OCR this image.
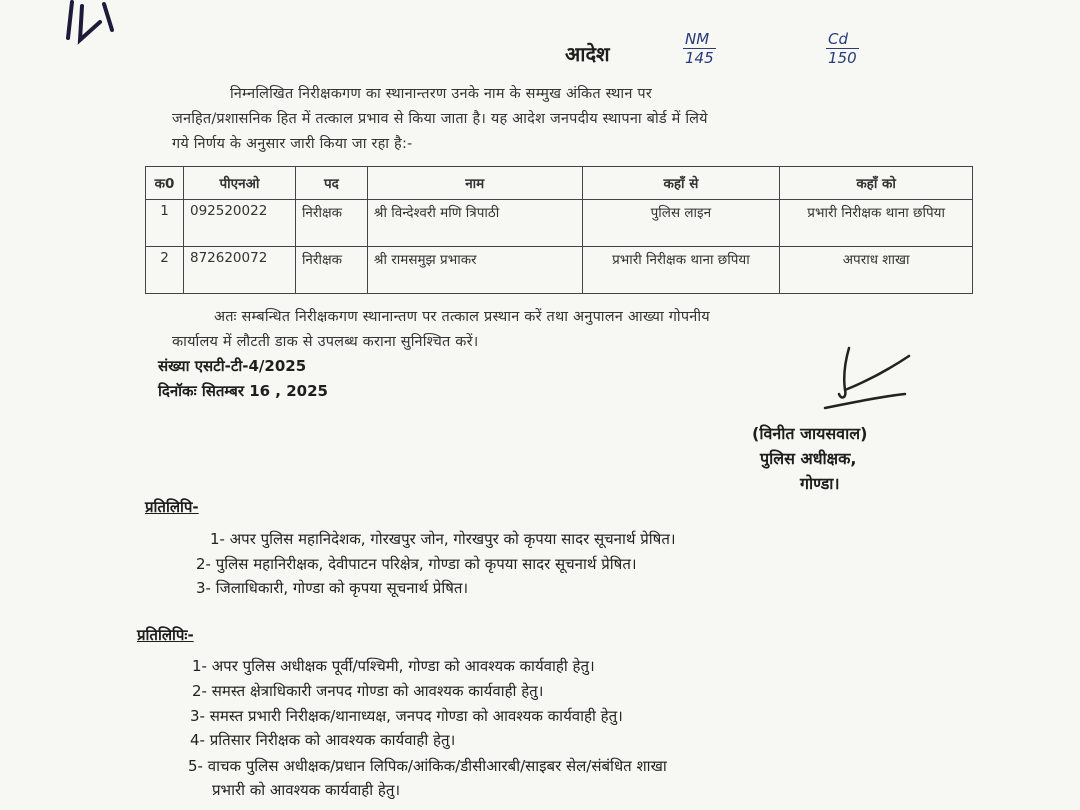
आदेश
NM
145
Cd
150
निम्नलिखित निरीक्षकगण का स्थानान्तरण उनके नाम के सम्मुख अंकित स्थान पर
जनहित/प्रशासनिक हित में तत्काल प्रभाव से किया जाता है। यह आदेश जनपदीय स्थापना बोर्ड में लिये
गये निर्णय के अनुसार जारी किया जा रहा है:-
क0	पीएनओ	पद	नाम	कहाँ से	कहाँ को
1	092520022	निरीक्षक	श्री विन्देश्वरी मणि त्रिपाठी	पुलिस लाइन	प्रभारी निरीक्षक थाना छपिया
2	872620072	निरीक्षक	श्री रामसमुझ प्रभाकर	प्रभारी निरीक्षक थाना छपिया	अपराध शाखा
अतः सम्बन्धित निरीक्षकगण स्थानान्तण पर तत्काल प्रस्थान करें तथा अनुपालन आख्या गोपनीय
कार्यालय में लौटती डाक से उपलब्ध कराना सुनिश्चित करें।
संख्या एसटी-टी-4/2025
दिनॉकः सितम्बर 16 , 2025
(विनीत जायसवाल)
पुलिस अधीक्षक,
गोण्डा।
प्रतिलिपि-
1- अपर पुलिस महानिदेशक, गोरखपुर जोन, गोरखपुर को कृपया सादर सूचनार्थ प्रेषित।
2- पुलिस महानिरीक्षक, देवीपाटन परिक्षेत्र, गोण्डा को कृपया सादर सूचनार्थ प्रेषित।
3- जिलाधिकारी, गोण्डा को कृपया सूचनार्थ प्रेषित।
प्रतिलिपिः-
1- अपर पुलिस अधीक्षक पूर्वी/पश्चिमी, गोण्डा को आवश्यक कार्यवाही हेतु।
2- समस्त क्षेत्राधिकारी जनपद गोण्डा को आवश्यक कार्यवाही हेतु।
3- समस्त प्रभारी निरीक्षक/थानाध्यक्ष, जनपद गोण्डा को आवश्यक कार्यवाही हेतु।
4- प्रतिसार निरीक्षक को आवश्यक कार्यवाही हेतु।
5- वाचक पुलिस अधीक्षक/प्रधान लिपिक/आंकिक/डीसीआरबी/साइबर सेल/संबंधित शाखा
प्रभारी को आवश्यक कार्यवाही हेतु।
